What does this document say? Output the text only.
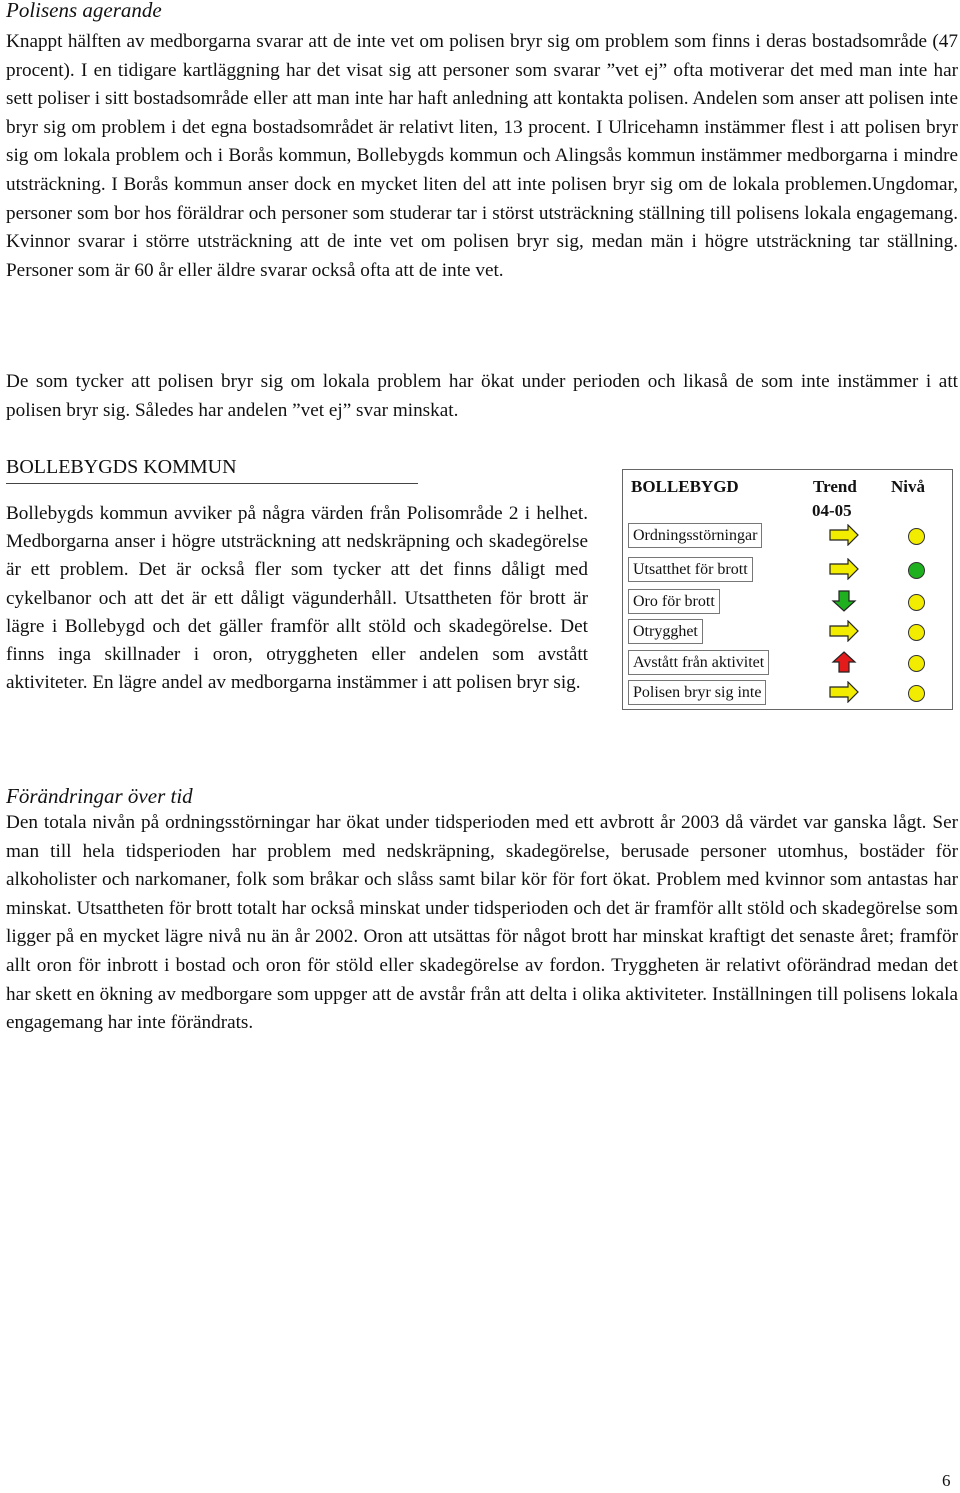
Polisens agerande

Knappt hälften av medborgarna svarar att de inte vet om polisen bryr sig om problem som finns i deras bostadsområde (47 procent). I en tidigare kartläggning har det visat sig att personer som svarar ”vet ej” ofta motiverar det med man inte har sett poliser i sitt bostadsområde eller att man inte har haft anledning att kontakta polisen. Andelen som anser att polisen inte bryr sig om problem i det egna bostadsområdet är relativt liten, 13 procent. I Ulricehamn instämmer flest i att polisen bryr sig om lokala problem och i Borås kommun, Bollebygds kommun och Alingsås kommun instämmer medborgarna i mindre utsträckning. I Borås kommun anser dock en mycket liten del att inte polisen bryr sig om de lokala problemen.Ungdomar, personer som bor hos föräldrar och personer som studerar tar i störst utsträckning ställning till polisens lokala engagemang. Kvinnor svarar i större utsträckning att de inte vet om polisen bryr sig, medan män i högre utsträckning tar ställning. Personer som är 60 år eller äldre svarar också ofta att de inte vet.

De som tycker att polisen bryr sig om lokala problem har ökat under perioden och likaså de som inte instämmer i att polisen bryr sig. Således har andelen ”vet ej” svar minskat.

BOLLEBYGDS KOMMUN

Bollebygds kommun avviker på några värden från Polisområde 2 i helhet. Medborgarna anser i högre utsträckning att nedskräpning och skadegörelse är ett problem. Det är också fler som tycker att det finns dåligt med cykelbanor och att det är ett dåligt vägunderhåll. Utsattheten för brott är lägre i Bollebygd och det gäller framför allt stöld och skadegörelse. Det finns inga skillnader i oron, otryggheten eller andelen som avstått aktiviteter. En lägre andel av medborgarna instämmer i att polisen bryr sig.

BOLLEBYGD	Trend
04-05
Nivå
Ordningsstörningar
Utsatthet för brott
Oro för brott
Otrygghet
Avstått från aktivitet
Polisen bryr sig inte
Förändringar över tid

Den totala nivån på ordningsstörningar har ökat under tidsperioden med ett avbrott år 2003 då värdet var ganska lågt. Ser man till hela tidsperioden har problem med nedskräpning, skadegörelse, berusade personer utomhus, bostäder för alkoholister och narkomaner, folk som bråkar och slåss samt bilar kör för fort ökat. Problem med kvinnor som antastas har minskat. Utsattheten för brott totalt har också minskat under tidsperioden och det är framför allt stöld och skadegörelse som ligger på en mycket lägre nivå nu än år 2002. Oron att utsättas för något brott har minskat kraftigt det senaste året; framför allt oron för inbrott i bostad och oron för stöld eller skadegörelse av fordon. Tryggheten är relativt oförändrad medan det har skett en ökning av medborgare som uppger att de avstår från att delta i olika aktiviteter. Inställningen till polisens lokala engagemang har inte förändrats.

6
